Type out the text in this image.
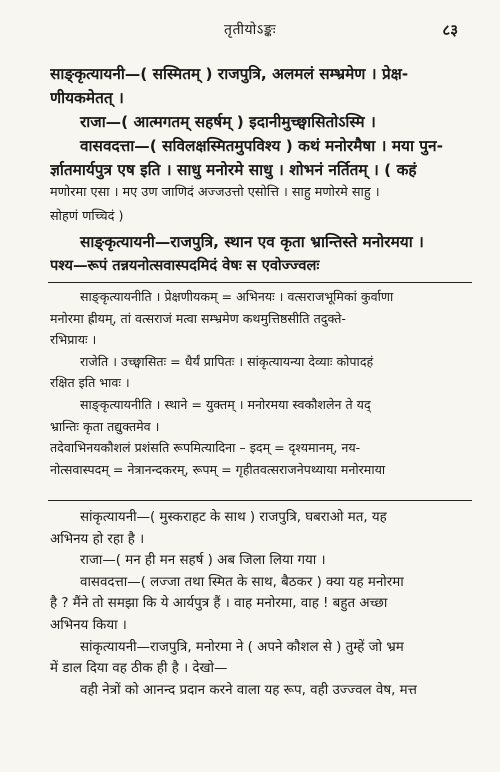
तृतीयोऽङ्कः	८३
साङ्कृत्यायनी—( सस्मितम् ) राजपुत्रि, अलमलं सम्भ्रमेण । प्रेक्ष-
णीयकमेतत् ।
राजा—( आत्मगतम् सहर्षम् ) इदानीमुच्छ्वासितोऽस्मि ।
वासवदत्ता—( सविलक्षस्मितमुपविश्य ) कथं मनोरमैषा । मया पुन-
र्ज्ञातमार्यपुत्र एष इति । साधु मनोरमे साधु । शोभनं नर्तितम् । ( कहं
मणोरमा एसा । मए उण जाणिदं अज्जउत्तो एसोत्ति । साहु मणोरमे साहु ।
सोहणं णच्चिदं )
साङ्कृत्यायनी—राजपुत्रि, स्थान एव कृता भ्रान्तिस्ते मनोरमया ।
पश्य—रूपं तन्नयनोत्सवास्पदमिदं वेषः स एवोज्ज्वलः
साङ्कृत्यायनीति । प्रेक्षणीयकम् = अभिनयः । वत्सराजभूमिकां कुर्वाणा
मनोरमा ह्रीयम्, तां वत्सराजं मत्वा सम्भ्रमेण कथमुत्तिष्ठसीति तदुक्ते-
रभिप्रायः ।
राजेति । उच्छ्वासितः = धैर्यं प्रापितः । सांकृत्यायन्या देव्याः कोपादहं
रक्षित इति भावः ।
साङ्कृत्यायनीति । स्थाने = युक्तम् । मनोरमया स्वकौशलेन ते यद्
भ्रान्तिः कृता तद्युक्तमेव ।
तदेवाभिनयकौशलं प्रशंसति रूपमित्यादिना – इदम् = दृश्यमानम्, नय-
नोत्सवास्पदम् = नेत्रानन्दकरम्, रूपम् = गृहीतवत्सराजनेपथ्याया मनोरमाया
सांकृत्यायनी—( मुस्कराहट के साथ ) राजपुत्रि, घबराओ मत, यह
अभिनय हो रहा है ।
राजा—( मन ही मन सहर्ष ) अब जिला लिया गया ।
वासवदत्ता—( लज्जा तथा स्मित के साथ, बैठकर ) क्या यह मनोरमा
है ? मैंने तो समझा कि ये आर्यपुत्र हैं । वाह मनोरमा, वाह ! बहुत अच्छा
अभिनय किया ।
सांकृत्यायनी—राजपुत्रि, मनोरमा ने ( अपने कौशल से ) तुम्हें जो भ्रम
में डाल दिया वह ठीक ही है । देखो—
वही नेत्रों को आनन्द प्रदान करने वाला यह रूप, वही उज्ज्वल वेष, मत्त
